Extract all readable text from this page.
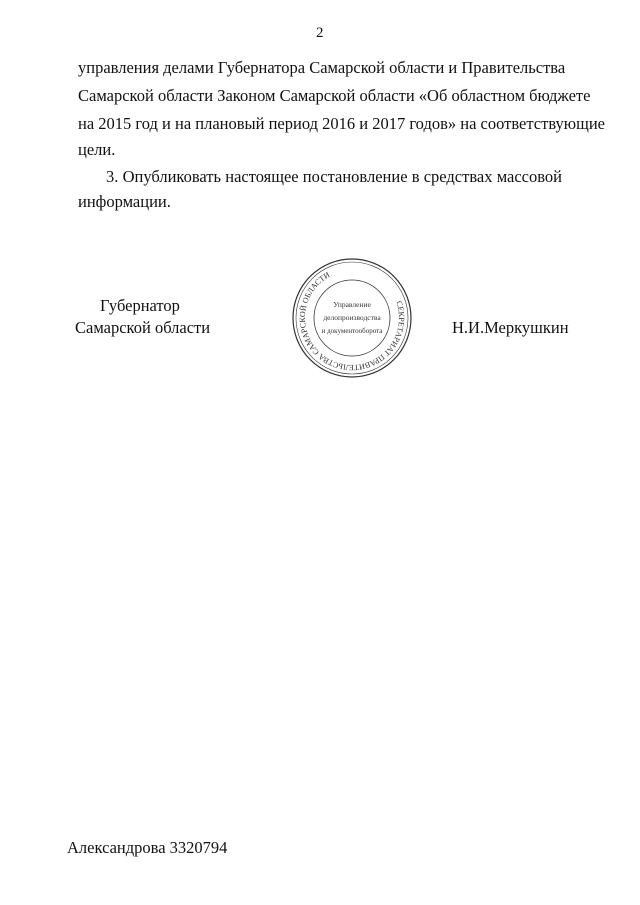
2
управления делами Губернатора Самарской области и Правительства
Самарской области Законом Самарской области «Об областном бюджете
на 2015 год и на плановый период 2016 и 2017 годов» на соответствующие
цели.
3. Опубликовать настоящее постановление в средствах массовой
информации.
СЕКРЕТАРИАТ ПРАВИТЕЛЬСТВА САМАРСКОЙ ОБЛАСТИ
Управление
делопроизводства
и документооборота
Губернатор
Самарской области	Н.И.Меркушкин
Александрова 3320794
